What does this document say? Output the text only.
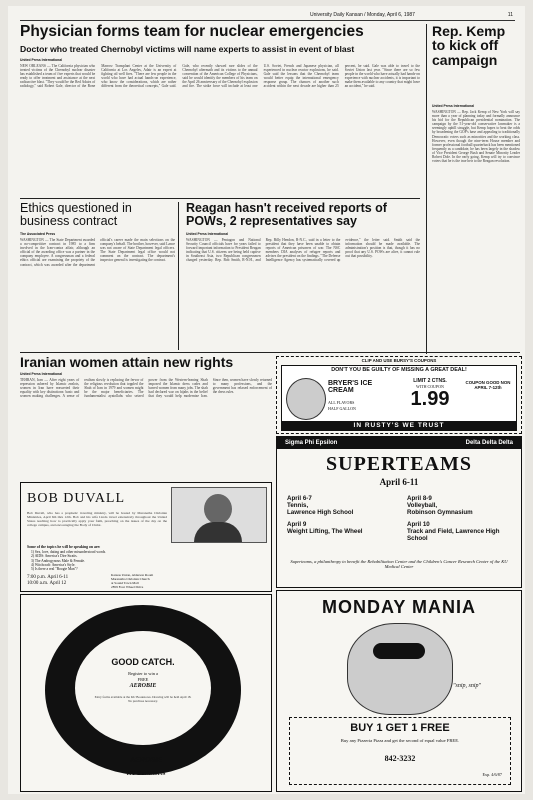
University Daily Kansan / Monday, April 6, 1987	11
Physician forms team for nuclear emergencies
Doctor who treated Chernobyl victims will name experts to assist in event of blast
United Press International
NEW ORLEANS — The California physician who treated victims of the Chernobyl nuclear disaster has established a team of five experts that would be ready to offer treatment and assistance at the next radioactive blast. "They would be the Red Adairs of radiology," said Robert Gale, director of the Bone Marrow Transplant Center at the University of California at Los Angeles, Adair is an expert at fighting oil well fires. "There are few people in the world who have had actual hands-on experience, who know the considerations, which are rather different from the theoretical concepts," Gale said. Gale, who recently showed rare slides of the Chernobyl aftermath and its victims to the annual convention of the American College of Physicians, said he would identify the members of his team on the April 26 anniversary of the Chernobyl explosion and fire. The strike force will include at least one U.S. Soviet, French and Japanese physician, all experienced in nuclear reactor explosions, he said. Gale said the lessons that the Chernobyl team would better equip the international emergency response group. The chances of another such accident within the next decade are higher than 25 percent, he said. Gale was able to travel to the Soviet Union last year. "Since there are so few people in the world who have actually had hands-on experience with nuclear accidents, it is important to make them available to any country that might have an accident," he said.
Rep. Kemp to kick off campaign
United Press International
WASHINGTON — Rep. Jack Kemp of New York will say more than a year of planning today and formally announce his bid for the Republican presidential nomination. The campaign by the 51-year-old conservative lawmaker is a seemingly uphill struggle, but Kemp hopes to beat the odds by broadening the GOP's base and appealing to traditionally Democratic voters such as minorities and the working class. However, even though the nine-term House member and former professional football quarterback has been mentioned frequently as a candidate, he has been largely in the shadow of Vice President George Bush and Senate Minority Leader Robert Dole. In the early going, Kemp will try to convince voters that he is the true heir to the Reagan revolution.
Ethics questioned in business contract
The Associated Press
WASHINGTON — The State Department awarded a no-competitive contract in 1985 to a firm involved in the Iran-contra affair, although an official of the awarding office was a partner in the company employee. A congressman and a federal ethics official are examining the propriety of the contract, which was awarded after the department official's career made the main selections on the company's behalf. The brother, however, said Lance was not aware of State Department legal officers. The State Department legal office would not comment on the contract. The department's inspector general is investigating the contract.
Reagan hasn't received reports of POWs, 2 representatives say
United Press International
WASHINGTON — Pentagon and National Security Council officials have for years failed to forward important information to President Reagan indicating that U.S. citizens are being held captive in Southeast Asia, two Republican congressmen charged yesterday. Rep. Bob Smith, R-N.H., and Rep. Billy Hendon, R-N.C., said in a letter to the president that they have been unable to obtain reports of American prisoners of war. The NSC members DIA analyses of refugee reports and advises the president on the findings. "The Defense Intelligence Agency has systematically covered up evidence," the letter said. Smith said the information should be made available. The administration's position is that, though it has no proof that any U.S. POWs are alive, it cannot rule out that possibility.
Iranian women attain new rights
United Press International
TEHRAN, Iran — After eight years of repression ushered by Islamic zealots, women in Iran have reasserted their equality with key distinctions: basic and women making challenges. A sense of realism slowly is replacing the fervor of the religious revolution that toppled the Shah of Iran in 1979 and women might be the major beneficiaries. The fundamentalist ayatollahs who seized power from the Western-leaning Shah imposed the Islamic dress codes and barred women from many jobs. The shah had declared war on hijabs in the belief that they would help modernize Iran. Since then, women have slowly returned to many professions, and the government has relaxed enforcement of the dress rules.
CLIP AND USE BURSY'S COUPONS
DON'T YOU BE GUILTY OF MISSING A GREAT DEAL!
BRYER'S ICE CREAM
ALL FLAVORS
HALF GALLON
LIMIT 2 CTNS.
WITH COUPON
1.99
COUPON GOOD NON APRIL 7-12th
IN RUSTY'S WE TRUST
BOB DUVALL
Bob Duvall, who has a prophetic traveling ministry, will be hosted by Maranatha Christian Ministries, April 6th thru 12th. Bob and his wife Linda travel extensively throughout the United States teaching how to practically apply your faith, preaching on the issues of the day on the college campus, and encouraging the Body of Christ.
Some of the topics he will be speaking on are:
1) Sex, love, dating and other misunderstood words.
2) AIDS: America's Dire Straits.
3) The Androgynous Male & Female.
4) Witchcraft: America's Style.
5) Is there a real "Boogie Man"?
7:00 p.m. April 6-11
10:00 a.m. April 12
Kansas Union, Alderson Room
Maranatha Christian Church
at Sound Town Mall
2859 Four Wheel Drive
GOOD CATCH.
Register to win a
FREE
AEROBIE
Entry forms available at the KU Bookstores. Drawing will be held April 18. No purchase necessary.
AEROBIE
KU Bookstores
Sigma Phi Epsilon	Delta Delta Delta
SUPERTEAMS
April 6-11
April 6-7
Tennis,
Lawrence High School
April 8-9
Volleyball,
Robinson Gymnasium
April 9
Weight Lifting, The Wheel
April 10
Track and Field, Lawrence High School
Superteams, a philanthropy to benefit the Rehabilitation Center and the Children's Cancer Research Center of the KU Medical Center
MONDAY MANIA
"snip, snip"
BUY 1 GET 1 FREE
Buy any Pizzeria Pizza and get the second of equal value FREE.
842-3232
Exp. 4/6/87
